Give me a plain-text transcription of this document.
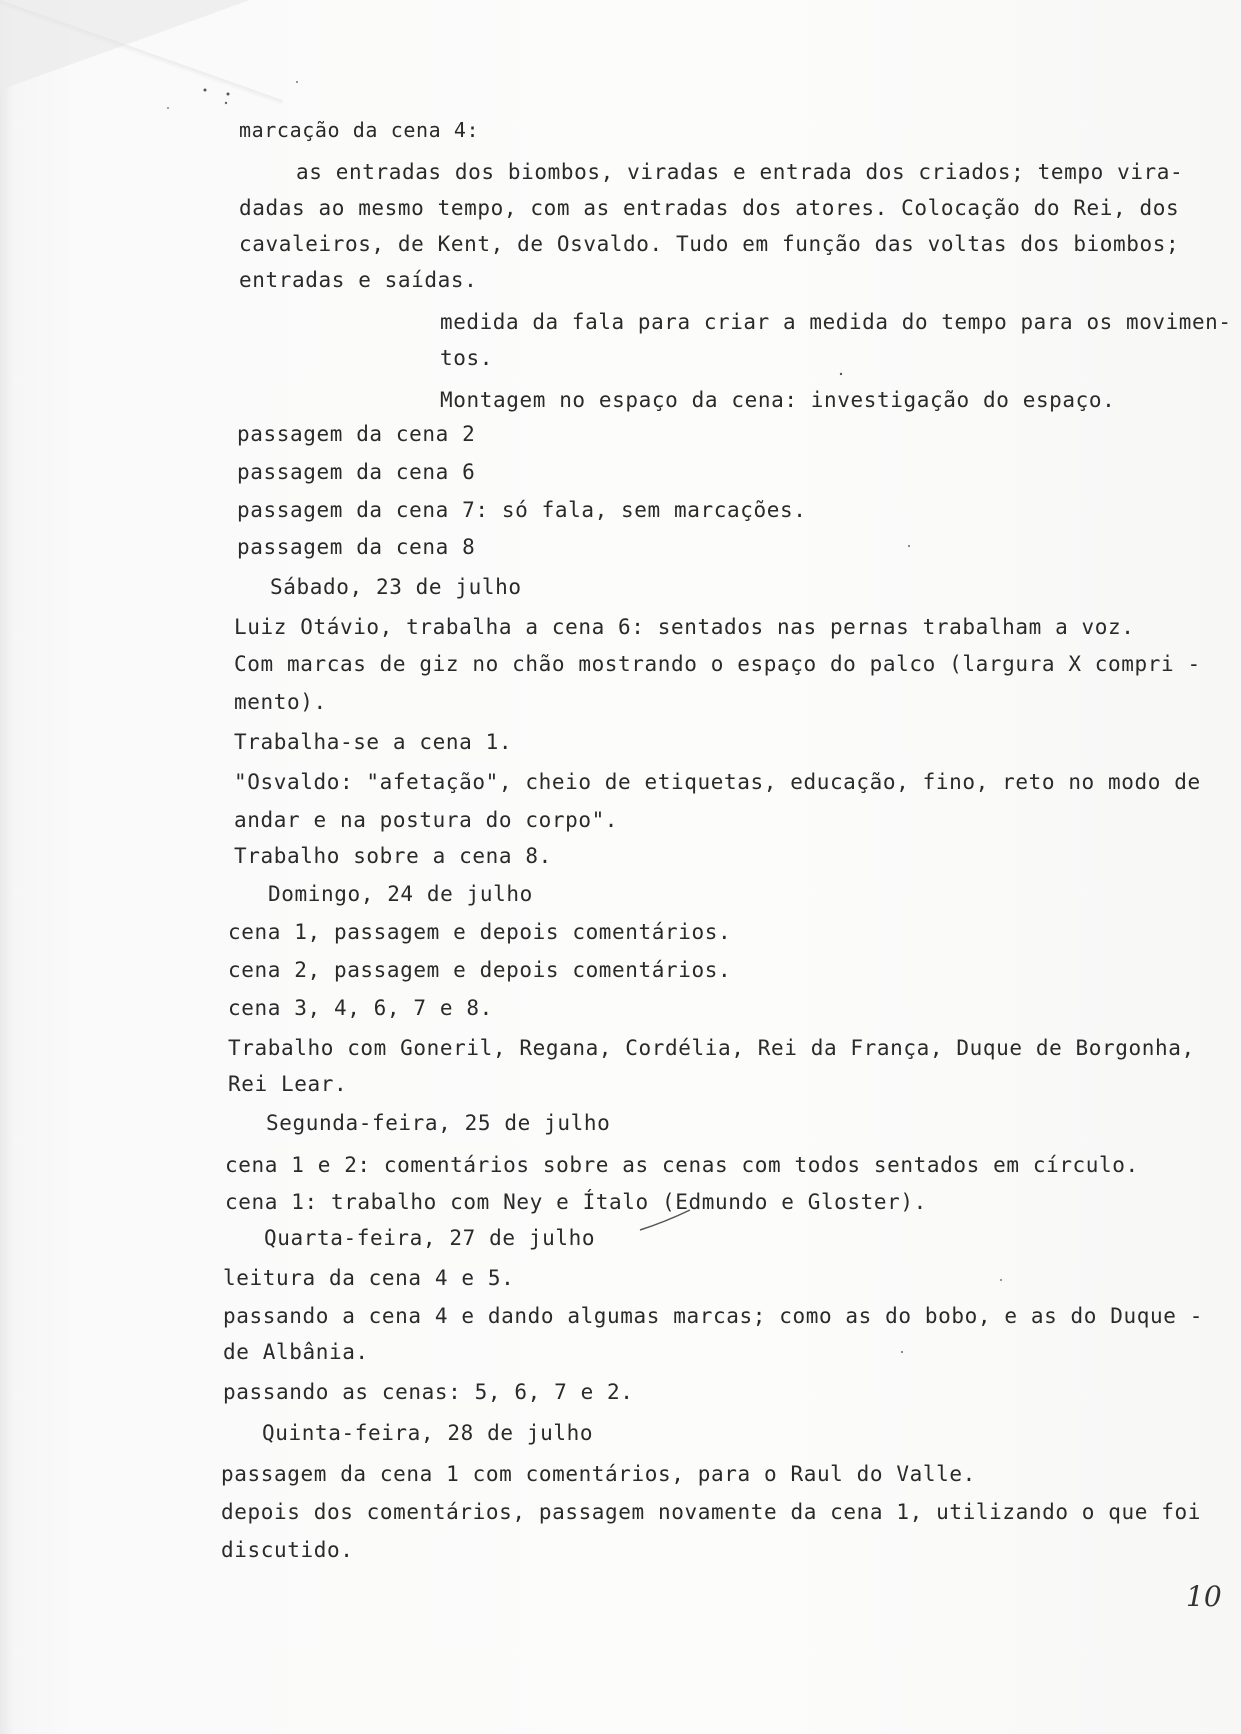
marcação da cena 4:
as entradas dos biombos, viradas e entrada dos criados; tempo vira-
dadas ao mesmo tempo, com as entradas dos atores. Colocação do Rei, dos
cavaleiros, de Kent, de Osvaldo. Tudo em função das voltas dos biombos;
entradas e saídas.
medida da fala para criar a medida do tempo para os movimen-
tos.
Montagem no espaço da cena: investigação do espaço.
passagem da cena 2
passagem da cena 6
passagem da cena 7: só fala, sem marcações.
passagem da cena 8
Sábado, 23 de julho
Luiz Otávio, trabalha a cena 6: sentados nas pernas trabalham a voz.
Com marcas de giz no chão mostrando o espaço do palco (largura X compri -
mento).
Trabalha-se a cena 1.
"Osvaldo: "afetação", cheio de etiquetas, educação, fino, reto no modo de
andar e na postura do corpo".
Trabalho sobre a cena 8.
Domingo, 24 de julho
cena 1, passagem e depois comentários.
cena 2, passagem e depois comentários.
cena 3, 4, 6, 7 e 8.
Trabalho com Goneril, Regana, Cordélia, Rei da França, Duque de Borgonha,
Rei Lear.
Segunda-feira, 25 de julho
cena 1 e 2: comentários sobre as cenas com todos sentados em círculo.
cena 1: trabalho com Ney e Ítalo (Edmundo e Gloster).
Quarta-feira, 27 de julho
leitura da cena 4 e 5.
passando a cena 4 e dando algumas marcas; como as do bobo, e as do Duque -
de Albânia.
passando as cenas: 5, 6, 7 e 2.
Quinta-feira, 28 de julho
passagem da cena 1 com comentários, para o Raul do Valle.
depois dos comentários, passagem novamente da cena 1, utilizando o que foi
discutido.
10
